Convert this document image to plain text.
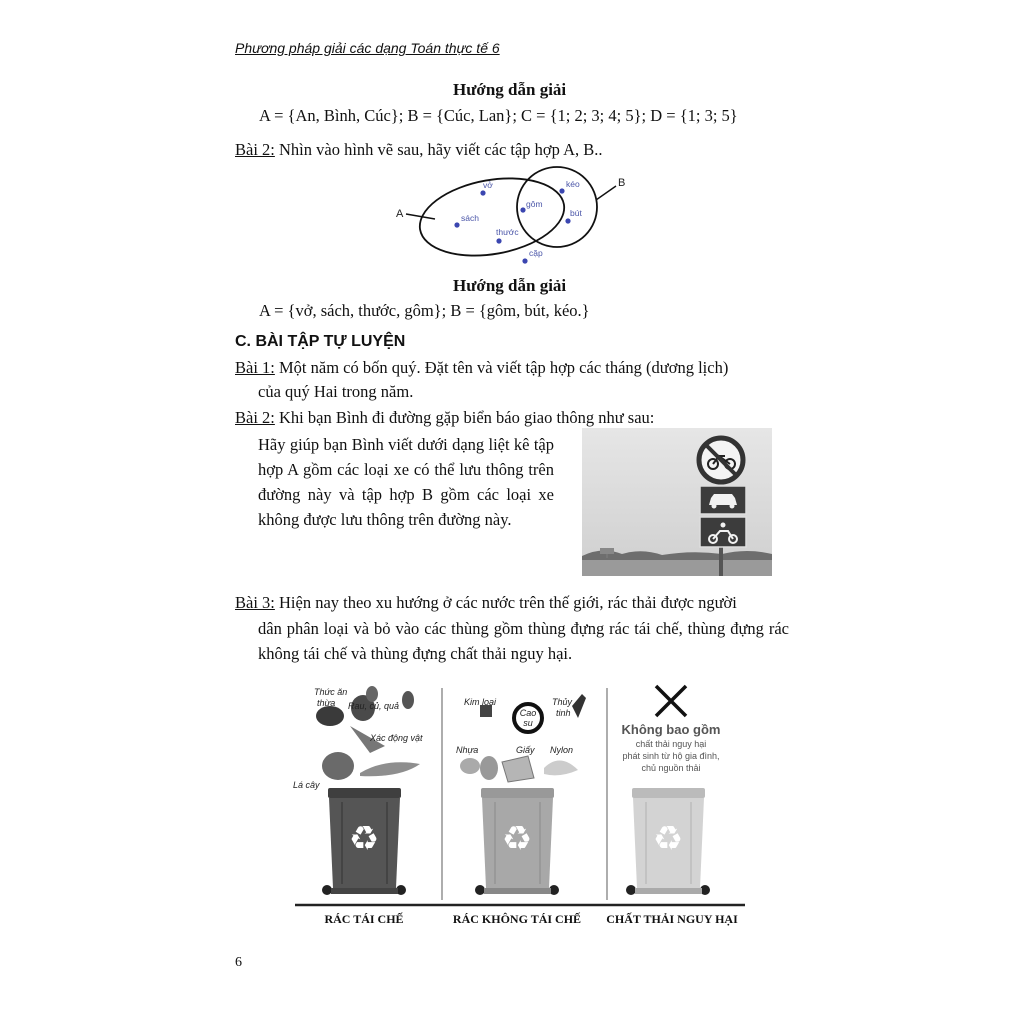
Phương pháp giải các dạng Toán thực tế 6
Hướng dẫn giải
A = {An, Bình, Cúc}; B = {Cúc, Lan}; C = {1; 2; 3; 4; 5}; D = {1; 3; 5}
Bài 2: Nhìn vào hình vẽ sau, hãy viết các tập hợp A, B..
A
B
vở
sách
thước
gôm
kéo
bút
cặp
Hướng dẫn giải
A = {vở, sách, thước, gôm}; B = {gôm, bút, kéo.}
C. BÀI TẬP TỰ LUYỆN
Bài 1: Một năm có bốn quý. Đặt tên và viết tập hợp các tháng (dương lịch)
của quý Hai trong năm.
Bài 2: Khi bạn Bình đi đường gặp biển báo giao thông như sau:
Hãy giúp bạn Bình viết dưới dạng liệt kê tập hợp A gồm các loại xe có thể lưu thông trên đường này và tập hợp B gồm các loại xe không được lưu thông trên đường này.
Bài 3: Hiện nay theo xu hướng ở các nước trên thế giới, rác thải được người
dân phân loại và bỏ vào các thùng gồm thùng đựng rác tái chế, thùng đựng rác không tái chế và thùng đựng chất thải nguy hại.
♻
Thức ăn
thừa Rau, củ, quả
Xác động vật
Lá cây
RÁC TÁI CHẾ
♻
Kim loại
Cao
su
Thủy
tinh
Nhựa	Giấy Nylon
RÁC KHÔNG TÁI CHẾ
♻
Không bao gồm
chất thải nguy hại
phát sinh từ hộ gia đình,
chủ nguồn thải
CHẤT THẢI NGUY HẠI
6
